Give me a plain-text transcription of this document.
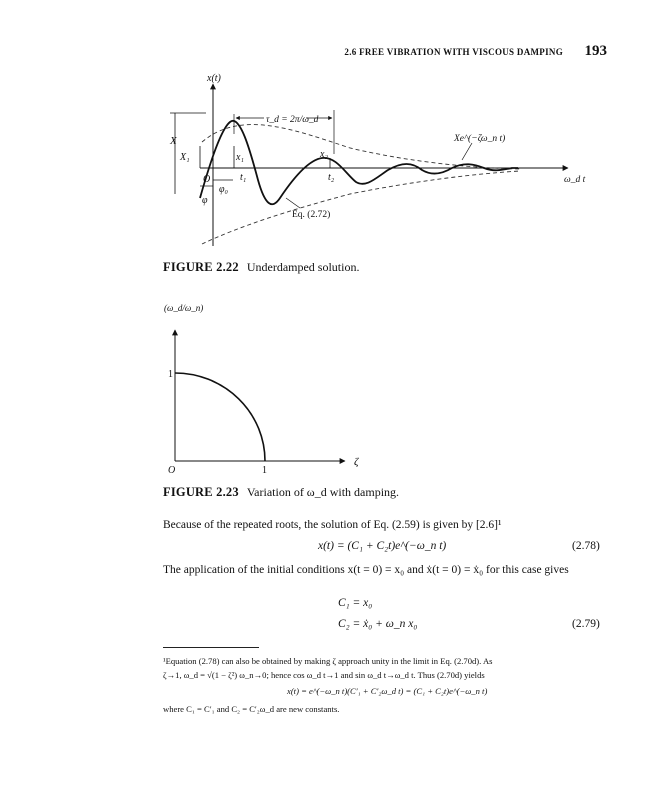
2.6 FREE VIBRATION WITH VISCOUS DAMPING 193
X
X₁	x₁	x₂
O	t₁	t₂
φ₀
φ
τ_d = 2π/ω_d
Xe^(−ζω_n t)
Eq. (2.72)
x(t)
ω_d t
FIGURE 2.22 Underdamped solution.
(ω_d/ω_n)
1
1
O
ζ
FIGURE 2.23 Variation of ω_d with damping.
Because of the repeated roots, the solution of Eq. (2.59) is given by [2.6]¹
x(t) = (C₁ + C₂t)e^(−ω_n t)	(2.78)
The application of the initial conditions x(t = 0) = x₀ and ẋ(t = 0) = ẋ₀ for this case gives
C₁ = x₀
C₂ = ẋ₀ + ω_n x₀	(2.79)
¹Equation (2.78) can also be obtained by making ζ approach unity in the limit in Eq. (2.70d). As
ζ→1, ω_d = √(1 − ζ²) ω_n→0; hence cos ω_d t→1 and sin ω_d t→ω_d t. Thus (2.70d) yields
x(t) = e^(−ω_n t)(C′₁ + C′₂ω_d t) = (C₁ + C₂t)e^(−ω_n t)
where C₁ = C′₁ and C₂ = C′₂ω_d are new constants.
